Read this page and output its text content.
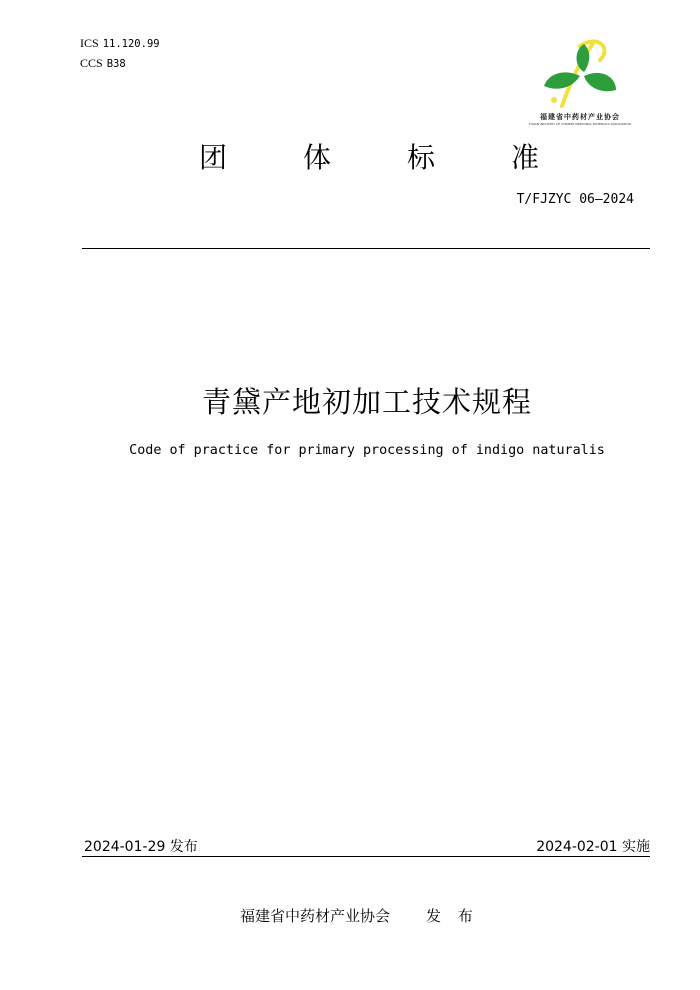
ICS 11.120.99
CCS B38
福建省中药材产业协会
FUJIAN INDUSTRY OF CHINESE MEDICINAL MATERIALS ASSOCIATION
团	体	标	准
T/FJZYC 06—2024
青黛产地初加工技术规程
Code of practice for primary processing of indigo naturalis
2024-01-29 发布	2024-02-01 实施
福建省中药材产业协会 发 布
